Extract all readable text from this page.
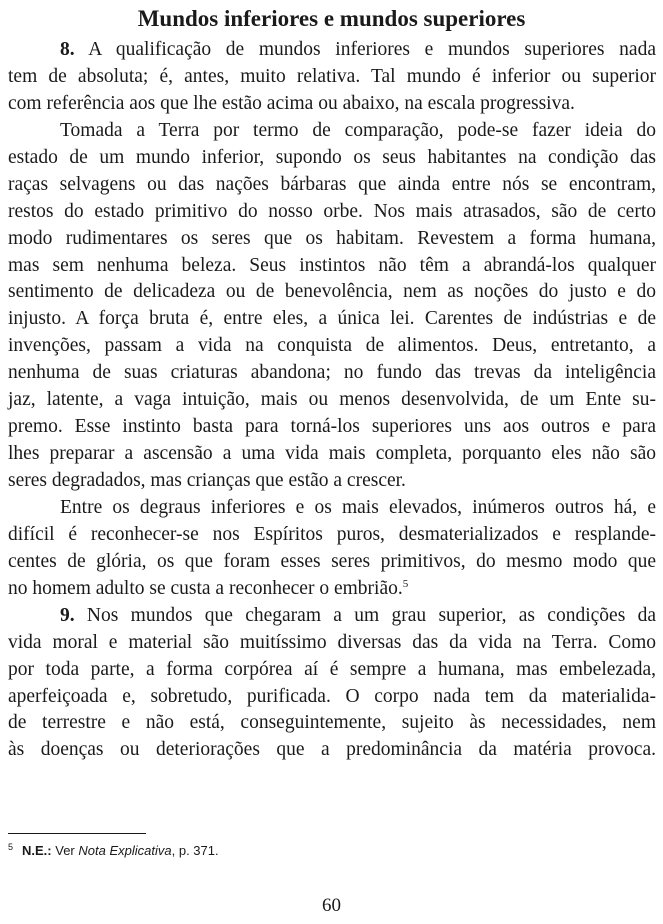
Mundos inferiores e mundos superiores
8. A qualificação de mundos inferiores e mundos superiores nada
tem de absoluta; é, antes, muito relativa. Tal mundo é inferior ou superior
com referência aos que lhe estão acima ou abaixo, na escala progressiva.
Tomada a Terra por termo de comparação, pode-se fazer ideia do
estado de um mundo inferior, supondo os seus habitantes na condição das
raças selvagens ou das nações bárbaras que ainda entre nós se encontram,
restos do estado primitivo do nosso orbe. Nos mais atrasados, são de certo
modo rudimentares os seres que os habitam. Revestem a forma humana,
mas sem nenhuma beleza. Seus instintos não têm a abrandá-los qualquer
sentimento de delicadeza ou de benevolência, nem as noções do justo e do
injusto. A força bruta é, entre eles, a única lei. Carentes de indústrias e de
invenções, passam a vida na conquista de alimentos. Deus, entretanto, a
nenhuma de suas criaturas abandona; no fundo das trevas da inteligência
jaz, latente, a vaga intuição, mais ou menos desenvolvida, de um Ente su-
premo. Esse instinto basta para torná-los superiores uns aos outros e para
lhes preparar a ascensão a uma vida mais completa, porquanto eles não são
seres degradados, mas crianças que estão a crescer.
Entre os degraus inferiores e os mais elevados, inúmeros outros há, e
difícil é reconhecer-se nos Espíritos puros, desmaterializados e resplande-
centes de glória, os que foram esses seres primitivos, do mesmo modo que
no homem adulto se custa a reconhecer o embrião.$^5$
9. Nos mundos que chegaram a um grau superior, as condições da
vida moral e material são muitíssimo diversas das da vida na Terra. Como
por toda parte, a forma corpórea aí é sempre a humana, mas embelezada,
aperfeiçoada e, sobretudo, purificada. O corpo nada tem da materialida-
de terrestre e não está, conseguintemente, sujeito às necessidades, nem
às doenças ou deteriorações que a predominância da matéria provoca.
$^5$ N.E.: Ver Nota Explicativa, p. 371.
60
